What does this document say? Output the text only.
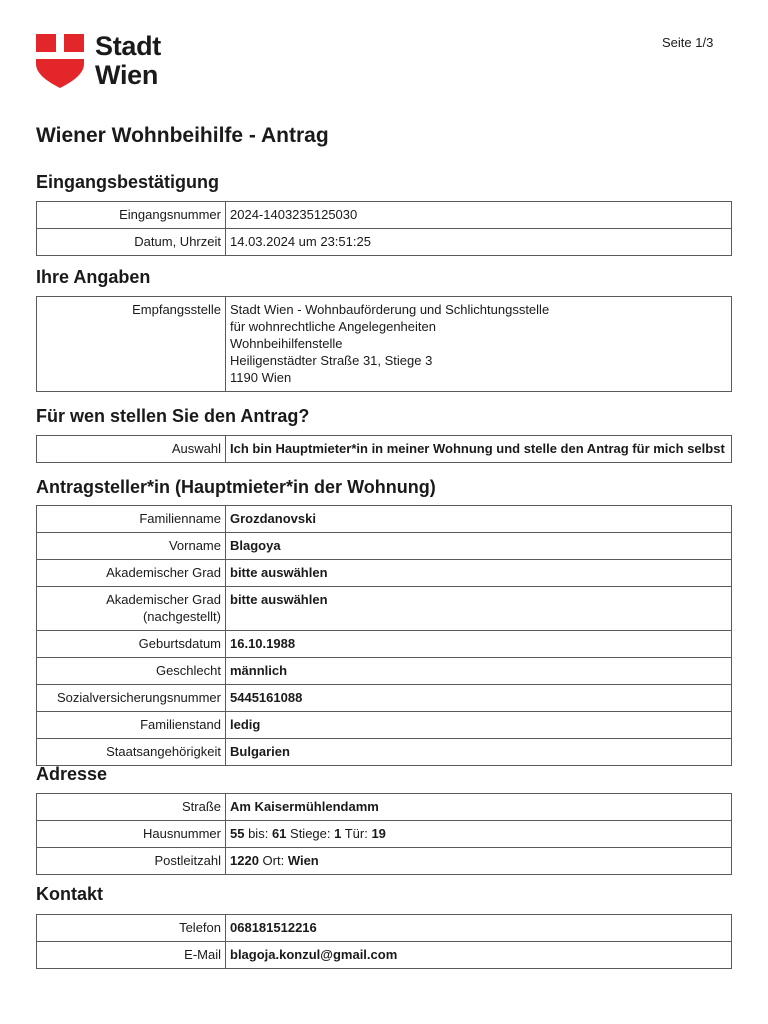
Stadt
Wien
Seite 1/3
Wiener Wohnbeihilfe - Antrag
Eingangsbestätigung
Eingangsnummer	2024-1403235125030
Datum, Uhrzeit	14.03.2024 um 23:51:25
Ihre Angaben
Empfangsstelle	Stadt Wien - Wohnbauförderung und Schlichtungsstelle
für wohnrechtliche Angelegenheiten
Wohnbeihilfenstelle
Heiligenstädter Straße 31, Stiege 3
1190 Wien
Für wen stellen Sie den Antrag?
Auswahl	Ich bin Hauptmieter*in in meiner Wohnung und stelle den Antrag für mich selbst
Antragsteller*in (Hauptmieter*in der Wohnung)
Familienname	Grozdanovski
Vorname	Blagoya
Akademischer Grad	bitte auswählen

Akademischer Grad
(nachgestellt)	bitte auswählen
Geburtsdatum	16.10.1988
Geschlecht	männlich
Sozialversicherungsnummer	5445161088
Familienstand	ledig
Staatsangehörigkeit	Bulgarien
Adresse
Straße	Am Kaisermühlendamm
Hausnummer	55 bis: 61 Stiege: 1 Tür: 19
Postleitzahl	1220 Ort: Wien
Kontakt
Telefon	068181512216
E-Mail	blagoja.konzul@gmail.com
